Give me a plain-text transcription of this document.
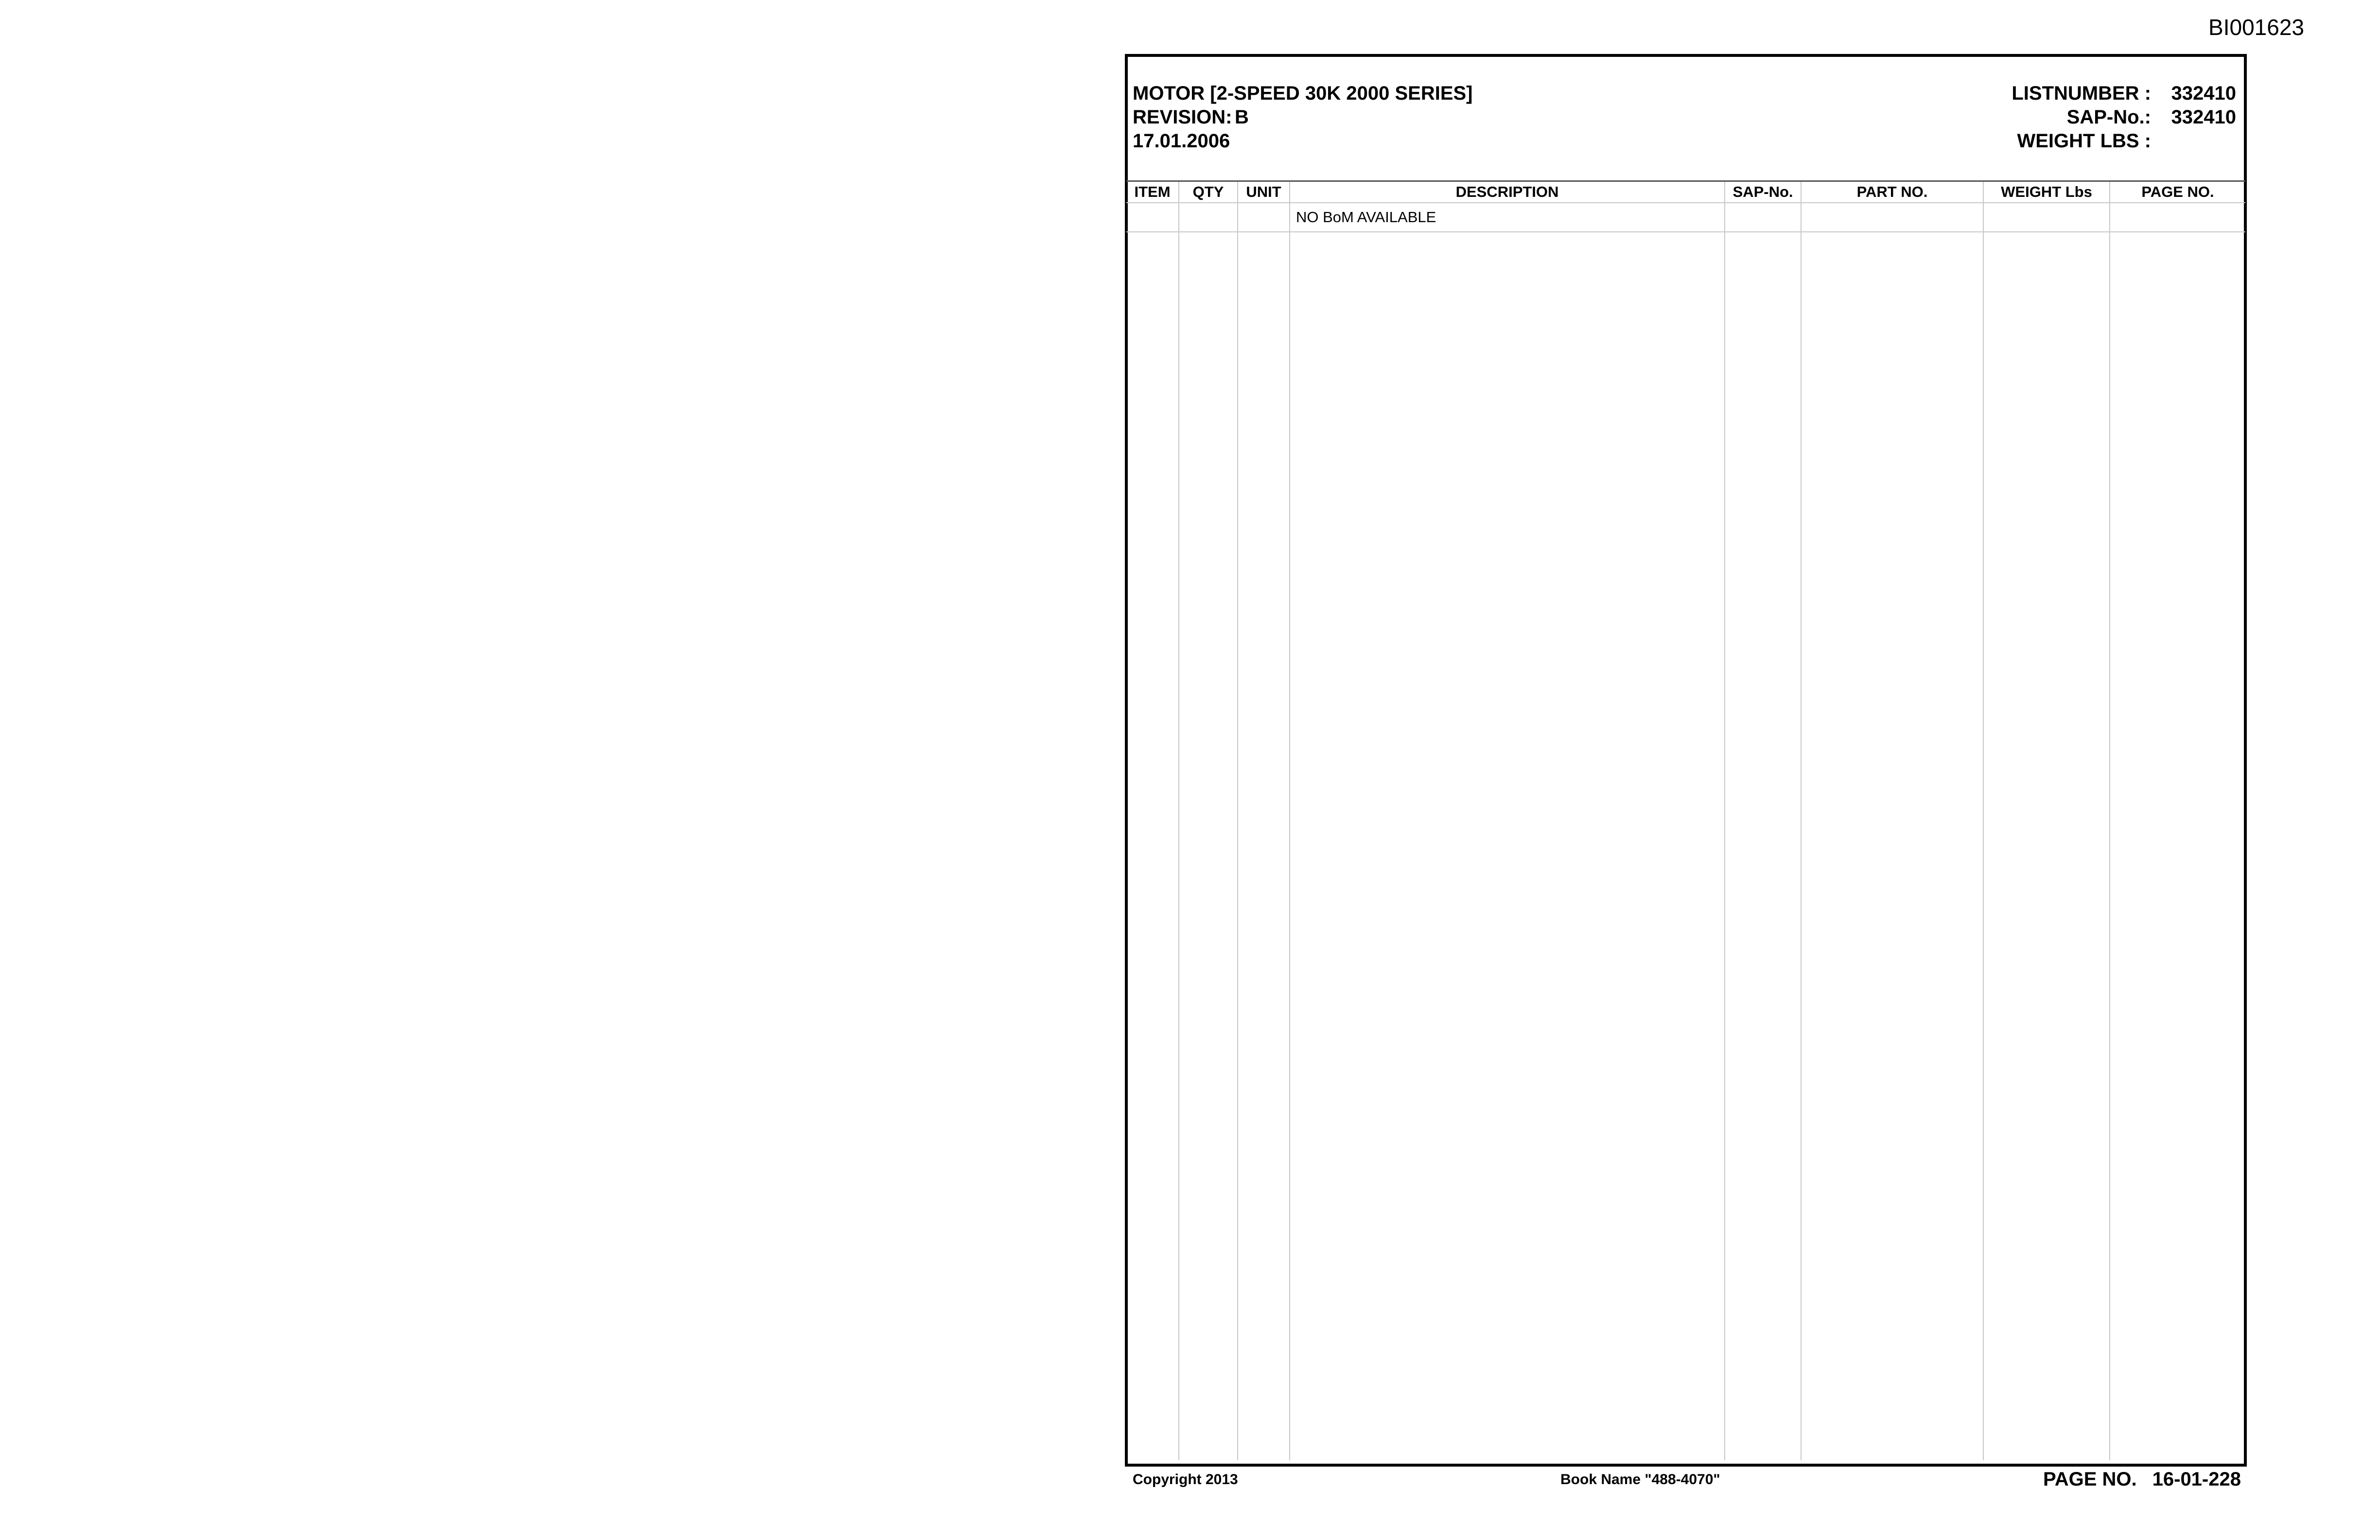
BI001623
MOTOR [2-SPEED 30K 2000 SERIES]
REVISION: B
17.01.2006
LISTNUMBER :	332410
SAP-No.:	332410
WEIGHT LBS :
ITEM	QTY	UNIT	DESCRIPTION	SAP-No.	PART NO.	WEIGHT Lbs	PAGE NO.
			NO BoM AVAILABLE				

Copyright 2013	Book Name "488-4070"	PAGE NO. 16-01-228
